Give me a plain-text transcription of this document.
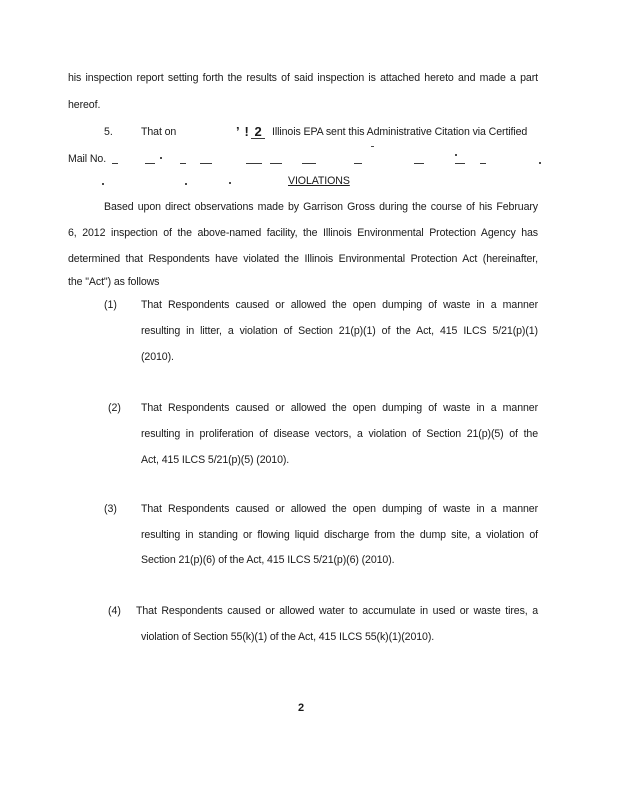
his inspection report setting forth the results of said inspection is attached hereto and made a part
hereof.
5.	That on	’ ! 2 Illinois EPA sent this Administrative Citation via Certified
Mail No.
VIOLATIONS
Based upon direct observations made by Garrison Gross during the course of his February
6, 2012 inspection of the above-named facility, the Illinois Environmental Protection Agency has
determined that Respondents have violated the Illinois Environmental Protection Act (hereinafter,
the "Act") as follows
(1) That Respondents caused or allowed the open dumping of waste in a manner
resulting in litter, a violation of Section 21(p)(1) of the Act, 415 ILCS 5/21(p)(1)
(2010).
(2) That Respondents caused or allowed the open dumping of waste in a manner
resulting in proliferation of disease vectors, a violation of Section 21(p)(5) of the
Act, 415 ILCS 5/21(p)(5) (2010).
(3) That Respondents caused or allowed the open dumping of waste in a manner
resulting in standing or flowing liquid discharge from the dump site, a violation of
Section 21(p)(6) of the Act, 415 ILCS 5/21(p)(6) (2010).
(4) That Respondents caused or allowed water to accumulate in used or waste tires, a
violation of Section 55(k)(1) of the Act, 415 ILCS 55(k)(1)(2010).
2
